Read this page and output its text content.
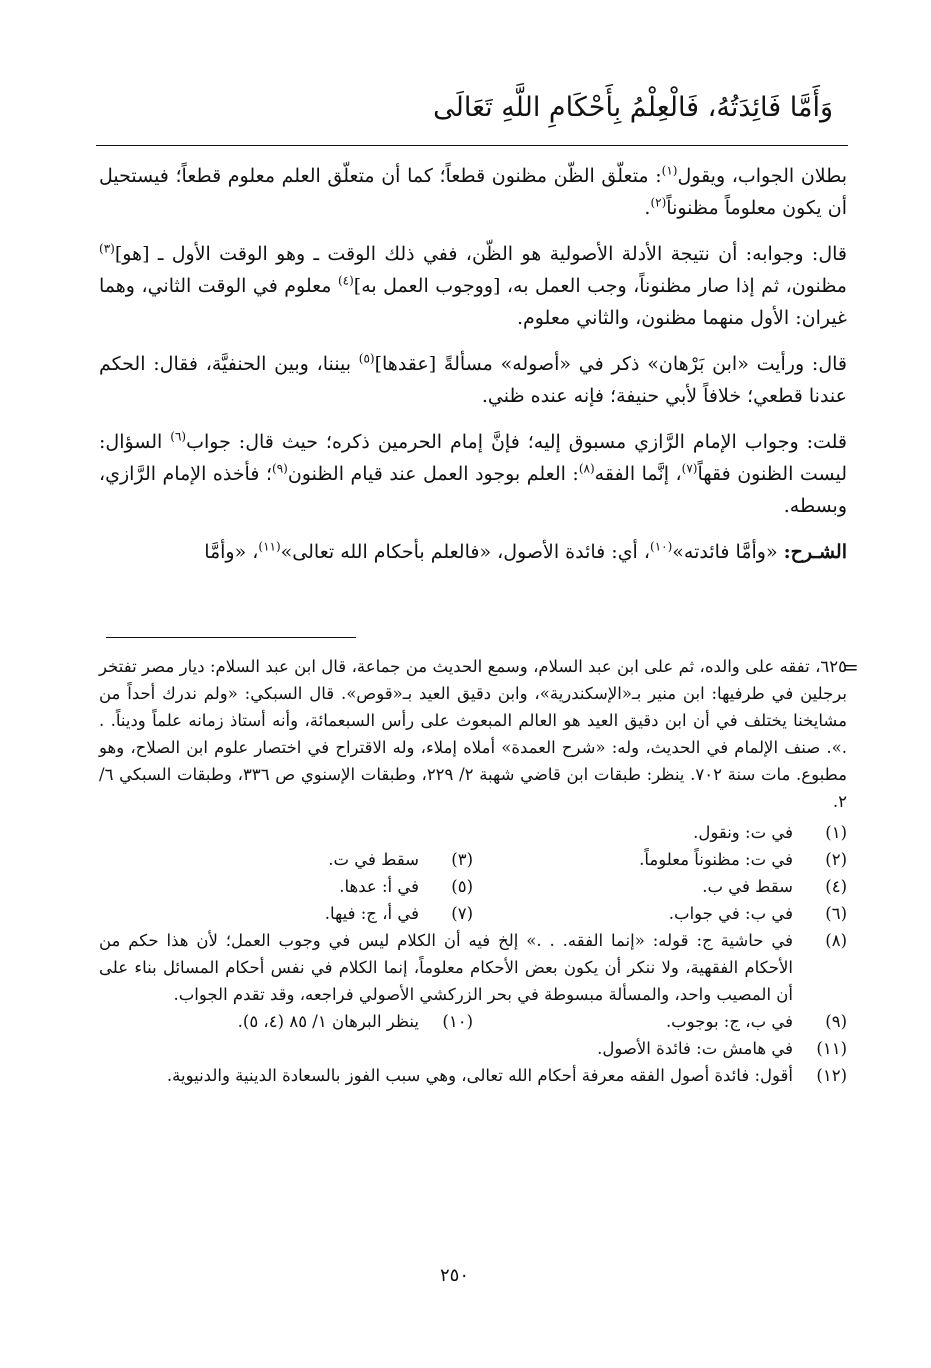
وَأَمَّا فَائِدَتُهُ، فَالْعِلْمُ بِأَحْكَامِ اللَّهِ تَعَالَى

بطلان الجواب، ويقول$^{(١)}$: متعلّق الظّن مظنون قطعاً؛ كما أن متعلّق العلم معلوم قطعاً؛ فيستحيل أن يكون معلوماً مظنوناً$^{(٢)}$.

قال: وجوابه: أن نتيجة الأدلة الأصولية هو الظّن، ففي ذلك الوقت ـ وهو الوقت الأول ـ [هو]$^{(٣)}$ مظنون، ثم إذا صار مظنوناً، وجب العمل به، [ووجوب العمل به]$^{(٤)}$ معلوم في الوقت الثاني، وهما غيران: الأول منهما مظنون، والثاني معلوم.

قال: ورأيت «ابن بَرْهان» ذكر في «أصوله» مسألةً [عقدها]$^{(٥)}$ بيننا، وبين الحنفيَّة، فقال: الحكم عندنا قطعي؛ خلافاً لأبي حنيفة؛ فإنه عنده ظني.

قلت: وجواب الإمام الرَّازي مسبوق إليه؛ فإنَّ إمام الحرمين ذكره؛ حيث قال: جواب$^{(٦)}$ السؤال: ليست الظنون فقهاً$^{(٧)}$، إنَّما الفقه$^{(٨)}$: العلم بوجود العمل عند قيام الظنون$^{(٩)}$؛ فأخذه الإمام الرَّازي، وبسطه.

الشـرح: «وأمَّا فائدته»$^{(١٠)}$، أي: فائدة الأصول، «فالعلم بأحكام الله تعالى»$^{(١١)}$، «وأمَّا

=
٦٢٥، تفقه على والده، ثم على ابن عبد السلام، وسمع الحديث من جماعة، قال ابن عبد السلام: ديار مصر تفتخر برجلين في طرفيها: ابن منير بـ«الإسكندرية»، وابن دقيق العيد بـ«قوص». قال السبكي: «ولم ندرك أحداً من مشايخنا يختلف في أن ابن دقيق العيد هو العالم المبعوث على رأس السبعمائة، وأنه أستاذ زمانه علماً وديناً. . .». صنف الإلمام في الحديث، وله: «شرح العمدة» أملاه إملاء، وله الاقتراح في اختصار علوم ابن الصلاح، وهو مطبوع. مات سنة ٧٠٢. ينظر: طبقات ابن قاضي شهبة ٢/ ٢٢٩، وطبقات الإسنوي ص ٣٣٦، وطبقات السبكي ٦/ ٢.
(١)
في ت: ونقول.
(٢)
في ت: مظنوناً معلوماً.
(٣)
سقط في ت.
(٤)
سقط في ب.
(٥)
في أ: عدها.
(٦)
في ب: في جواب.
(٧)
في أ، ج: فيها.
(٨)
في حاشية ج: قوله: «إنما الفقه. . .» إلخ فيه أن الكلام ليس في وجوب العمل؛ لأن هذا حكم من الأحكام الفقهية، ولا ننكر أن يكون بعض الأحكام معلوماً، إنما الكلام في نفس أحكام المسائل بناء على أن المصيب واحد، والمسألة مبسوطة في بحر الزركشي الأصولي فراجعه، وقد تقدم الجواب.
(٩)
في ب، ج: بوجوب.
(١٠)
ينظر البرهان ١/ ٨٥ (٤، ٥).
(١١)
في هامش ت: فائدة الأصول.
(١٢)
أقول: فائدة أصول الفقه معرفة أحكام الله تعالى، وهي سبب الفوز بالسعادة الدينية والدنيوية.
٢٥٠
